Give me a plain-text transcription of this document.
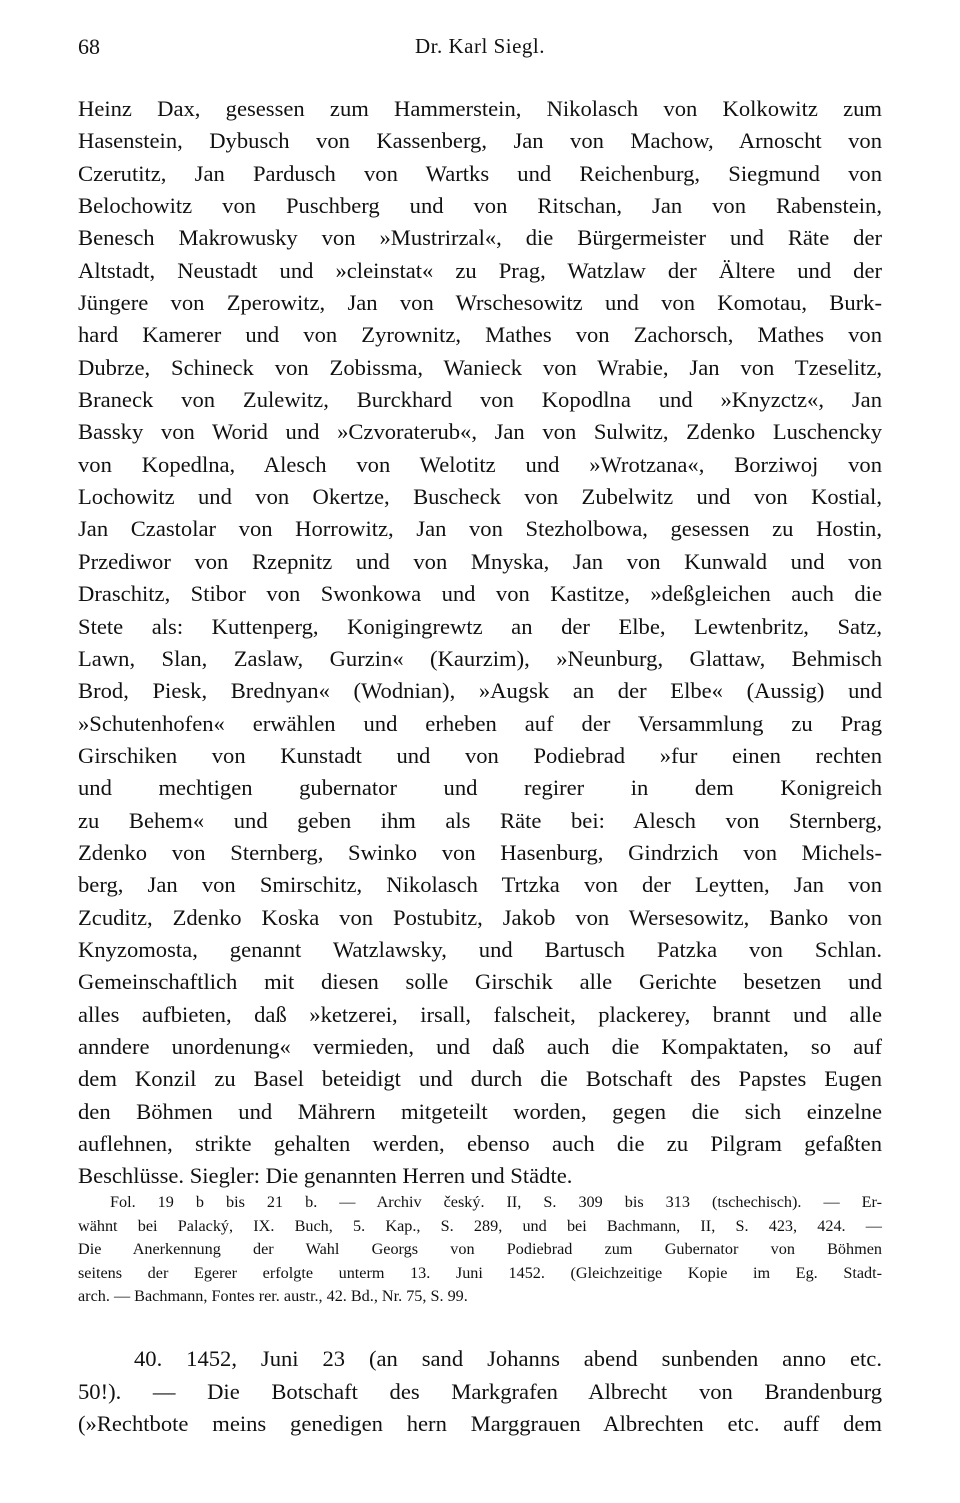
68	Dr. Karl Siegl.
Heinz Dax, gesessen zum Hammerstein, Nikolasch von Kolkowitz zum
Hasenstein, Dybusch von Kassenberg, Jan von Machow, Arnoscht von
Czerutitz, Jan Pardusch von Wartks und Reichenburg, Siegmund von
Belochowitz von Puschberg und von Ritschan, Jan von Rabenstein,
Benesch Makrowusky von »Mustrirzal«, die Bürgermeister und Räte der
Altstadt, Neustadt und »cleinstat« zu Prag, Watzlaw der Ältere und der
Jüngere von Zperowitz, Jan von Wrschesowitz und von Komotau, Burk-
hard Kamerer und von Zyrownitz, Mathes von Zachorsch, Mathes von
Dubrze, Schineck von Zobissma, Wanieck von Wrabie, Jan von Tzeselitz,
Braneck von Zulewitz, Burckhard von Kopodlna und »Knyzctz«, Jan
Bassky von Worid und »Czvoraterub«, Jan von Sulwitz, Zdenko Luschencky
von Kopedlna, Alesch von Welotitz und »Wrotzana«, Borziwoj von
Lochowitz und von Okertze, Buscheck von Zubelwitz und von Kostial,
Jan Czastolar von Horrowitz, Jan von Stezholbowa, gesessen zu Hostin,
Przediwor von Rzepnitz und von Mnyska, Jan von Kunwald und von
Draschitz, Stibor von Swonkowa und von Kastitze, »deßgleichen auch die
Stete als: Kuttenperg, Konigingrewtz an der Elbe, Lewtenbritz, Satz,
Lawn, Slan, Zaslaw, Gurzin« (Kaurzim), »Neunburg, Glattaw, Behmisch
Brod, Piesk, Brednyan« (Wodnian), »Augsk an der Elbe« (Aussig) und
»Schutenhofen« erwählen und erheben auf der Versammlung zu Prag
Girschiken von Kunstadt und von Podiebrad »fur einen rechten
und mechtigen gubernator und regirer in dem Konigreich
zu Behem« und geben ihm als Räte bei: Alesch von Sternberg,
Zdenko von Sternberg, Swinko von Hasenburg, Gindrzich von Michels-
berg, Jan von Smirschitz, Nikolasch Trtzka von der Leytten, Jan von
Zcuditz, Zdenko Koska von Postubitz, Jakob von Wersesowitz, Banko von
Knyzomosta, genannt Watzlawsky, und Bartusch Patzka von Schlan.
Gemeinschaftlich mit diesen solle Girschik alle Gerichte besetzen und
alles aufbieten, daß »ketzerei, irsall, falscheit, plackerey, brannt und alle
anndere unordenung« vermieden, und daß auch die Kompaktaten, so auf
dem Konzil zu Basel beteidigt und durch die Botschaft des Papstes Eugen
den Böhmen und Mährern mitgeteilt worden, gegen die sich einzelne
auflehnen, strikte gehalten werden, ebenso auch die zu Pilgram gefaßten
Beschlüsse. Siegler: Die genannten Herren und Städte.
Fol. 19 b bis 21 b. — Archiv český. II, S. 309 bis 313 (tschechisch). — Er-
wähnt bei Palacký, IX. Buch, 5. Kap., S. 289, und bei Bachmann, II, S. 423, 424. —
Die Anerkennung der Wahl Georgs von Podiebrad zum Gubernator von Böhmen
seitens der Egerer erfolgte unterm 13. Juni 1452. (Gleichzeitige Kopie im Eg. Stadt-
arch. — Bachmann, Fontes rer. austr., 42. Bd., Nr. 75, S. 99.
40. 1452, Juni 23 (an sand Johanns abend sunbenden anno etc.
50!). — Die Botschaft des Markgrafen Albrecht von Brandenburg
(»Rechtbote meins genedigen hern Marggrauen Albrechten etc. auff dem
